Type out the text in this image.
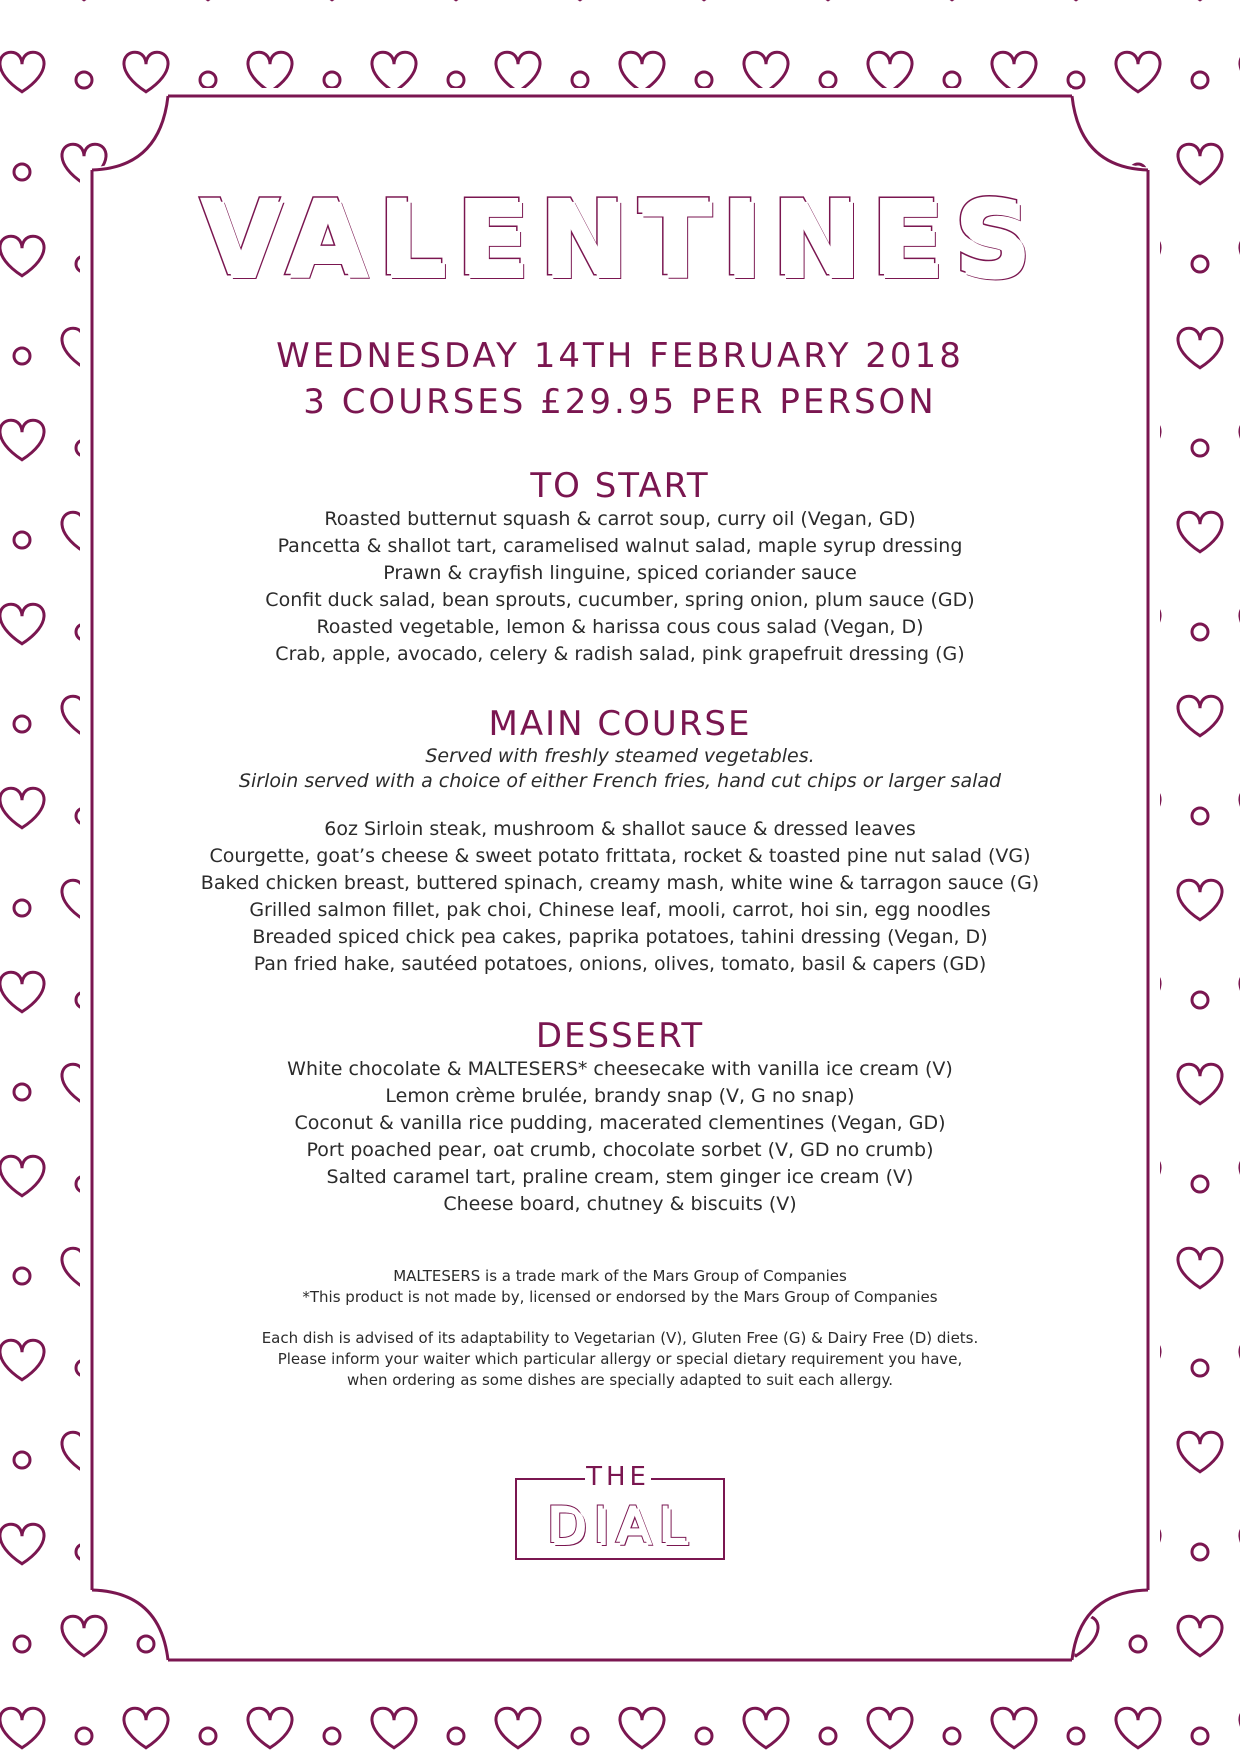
VALENTINES
WEDNESDAY 14TH FEBRUARY 2018
3 COURSES £29.95 PER PERSON

TO START

Roasted butternut squash & carrot soup, curry oil (Vegan, GD)

Pancetta & shallot tart, caramelised walnut salad, maple syrup dressing

Prawn & crayfish linguine, spiced coriander sauce

Confit duck salad, bean sprouts, cucumber, spring onion, plum sauce (GD)

Roasted vegetable, lemon & harissa cous cous salad (Vegan, D)

Crab, apple, avocado, celery & radish salad, pink grapefruit dressing (G)

MAIN COURSE

Served with freshly steamed vegetables.

Sirloin served with a choice of either French fries, hand cut chips or larger salad

6oz Sirloin steak, mushroom & shallot sauce & dressed leaves

Courgette, goat’s cheese & sweet potato frittata, rocket & toasted pine nut salad (VG)

Baked chicken breast, buttered spinach, creamy mash, white wine & tarragon sauce (G)

Grilled salmon fillet, pak choi, Chinese leaf, mooli, carrot, hoi sin, egg noodles

Breaded spiced chick pea cakes, paprika potatoes, tahini dressing (Vegan, D)

Pan fried hake, sautéed potatoes, onions, olives, tomato, basil & capers (GD)

DESSERT

White chocolate & MALTESERS* cheesecake with vanilla ice cream (V)

Lemon crème brulée, brandy snap (V, G no snap)

Coconut & vanilla rice pudding, macerated clementines (Vegan, GD)

Port poached pear, oat crumb, chocolate sorbet (V, GD no crumb)

Salted caramel tart, praline cream, stem ginger ice cream (V)

Cheese board, chutney & biscuits (V)

MALTESERS is a trade mark of the Mars Group of Companies
*This product is not made by, licensed or endorsed by the Mars Group of Companies
Each dish is advised of its adaptability to Vegetarian (V), Gluten Free (G) & Dairy Free (D) diets.
Please inform your waiter which particular allergy or special dietary requirement you have,
when ordering as some dishes are specially adapted to suit each allergy.
THE
DIAL
